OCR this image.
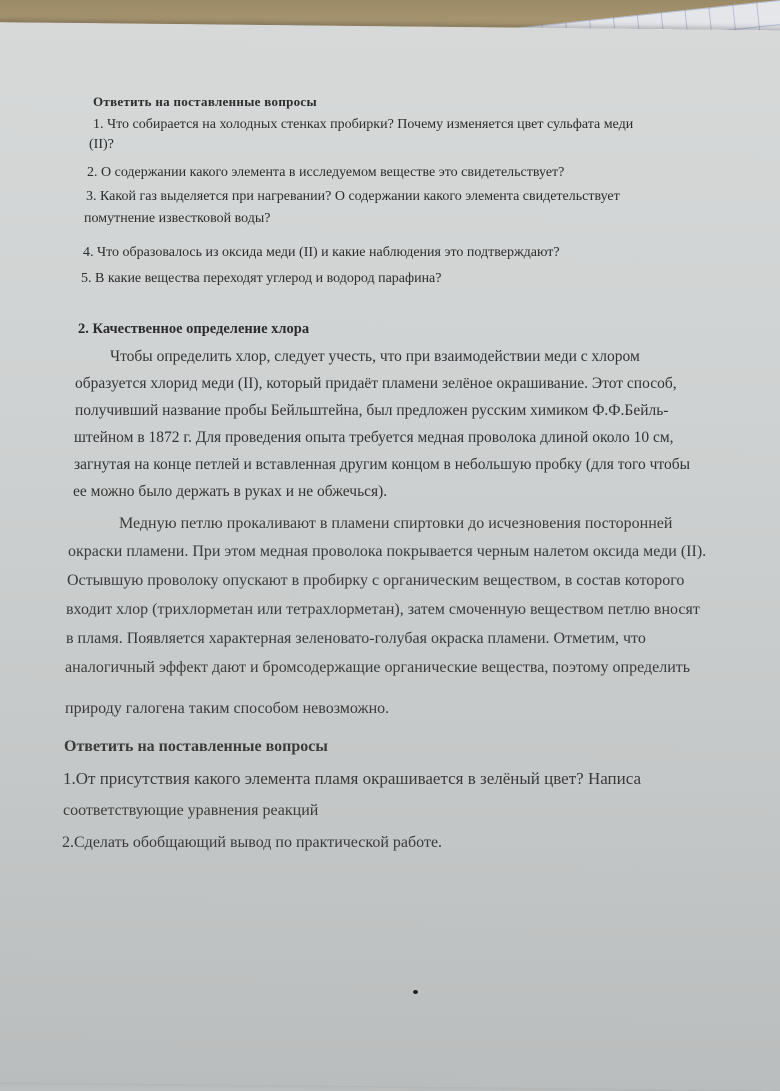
Ответить на поставленные вопросы

1. Что собирается на холодных стенках пробирки? Почему изменяется цвет сульфата меди

(II)?

2. О содержании какого элемента в исследуемом веществе это свидетельствует?

3. Какой газ выделяется при нагревании? О содержании какого элемента свидетельствует

помутнение известковой воды?

4. Что образовалось из оксида меди (II) и какие наблюдения это подтверждают?

5. В какие вещества переходят углерод и водород парафина?

2. Качественное определение хлора

Чтобы определить хлор, следует учесть, что при взаимодействии меди с хлором

образуется хлорид меди (II), который придаёт пламени зелёное окрашивание. Этот способ,

получивший название пробы Бейльштейна, был предложен русским химиком Ф.Ф.Бейль-

штейном в 1872 г. Для проведения опыта требуется медная проволока длиной около 10 см,

загнутая на конце петлей и вставленная другим концом в небольшую пробку (для того чтобы

ее можно было держать в руках и не обжечься).

Медную петлю прокаливают в пламени спиртовки до исчезновения посторонней

окраски пламени. При этом медная проволока покрывается черным налетом оксида меди (II).

Остывшую проволоку опускают в пробирку с органическим веществом, в состав которого

входит хлор (трихлорметан или тетрахлорметан), затем смоченную веществом петлю вносят

в пламя. Появляется характерная зеленовато-голубая окраска пламени. Отметим, что

аналогичный эффект дают и бромсодержащие органические вещества, поэтому определить

природу галогена таким способом невозможно.

Ответить на поставленные вопросы

1.От присутствия какого элемента пламя окрашивается в зелёный цвет? Написа

соответствующие уравнения реакций

2.Сделать обобщающий вывод по практической работе.
